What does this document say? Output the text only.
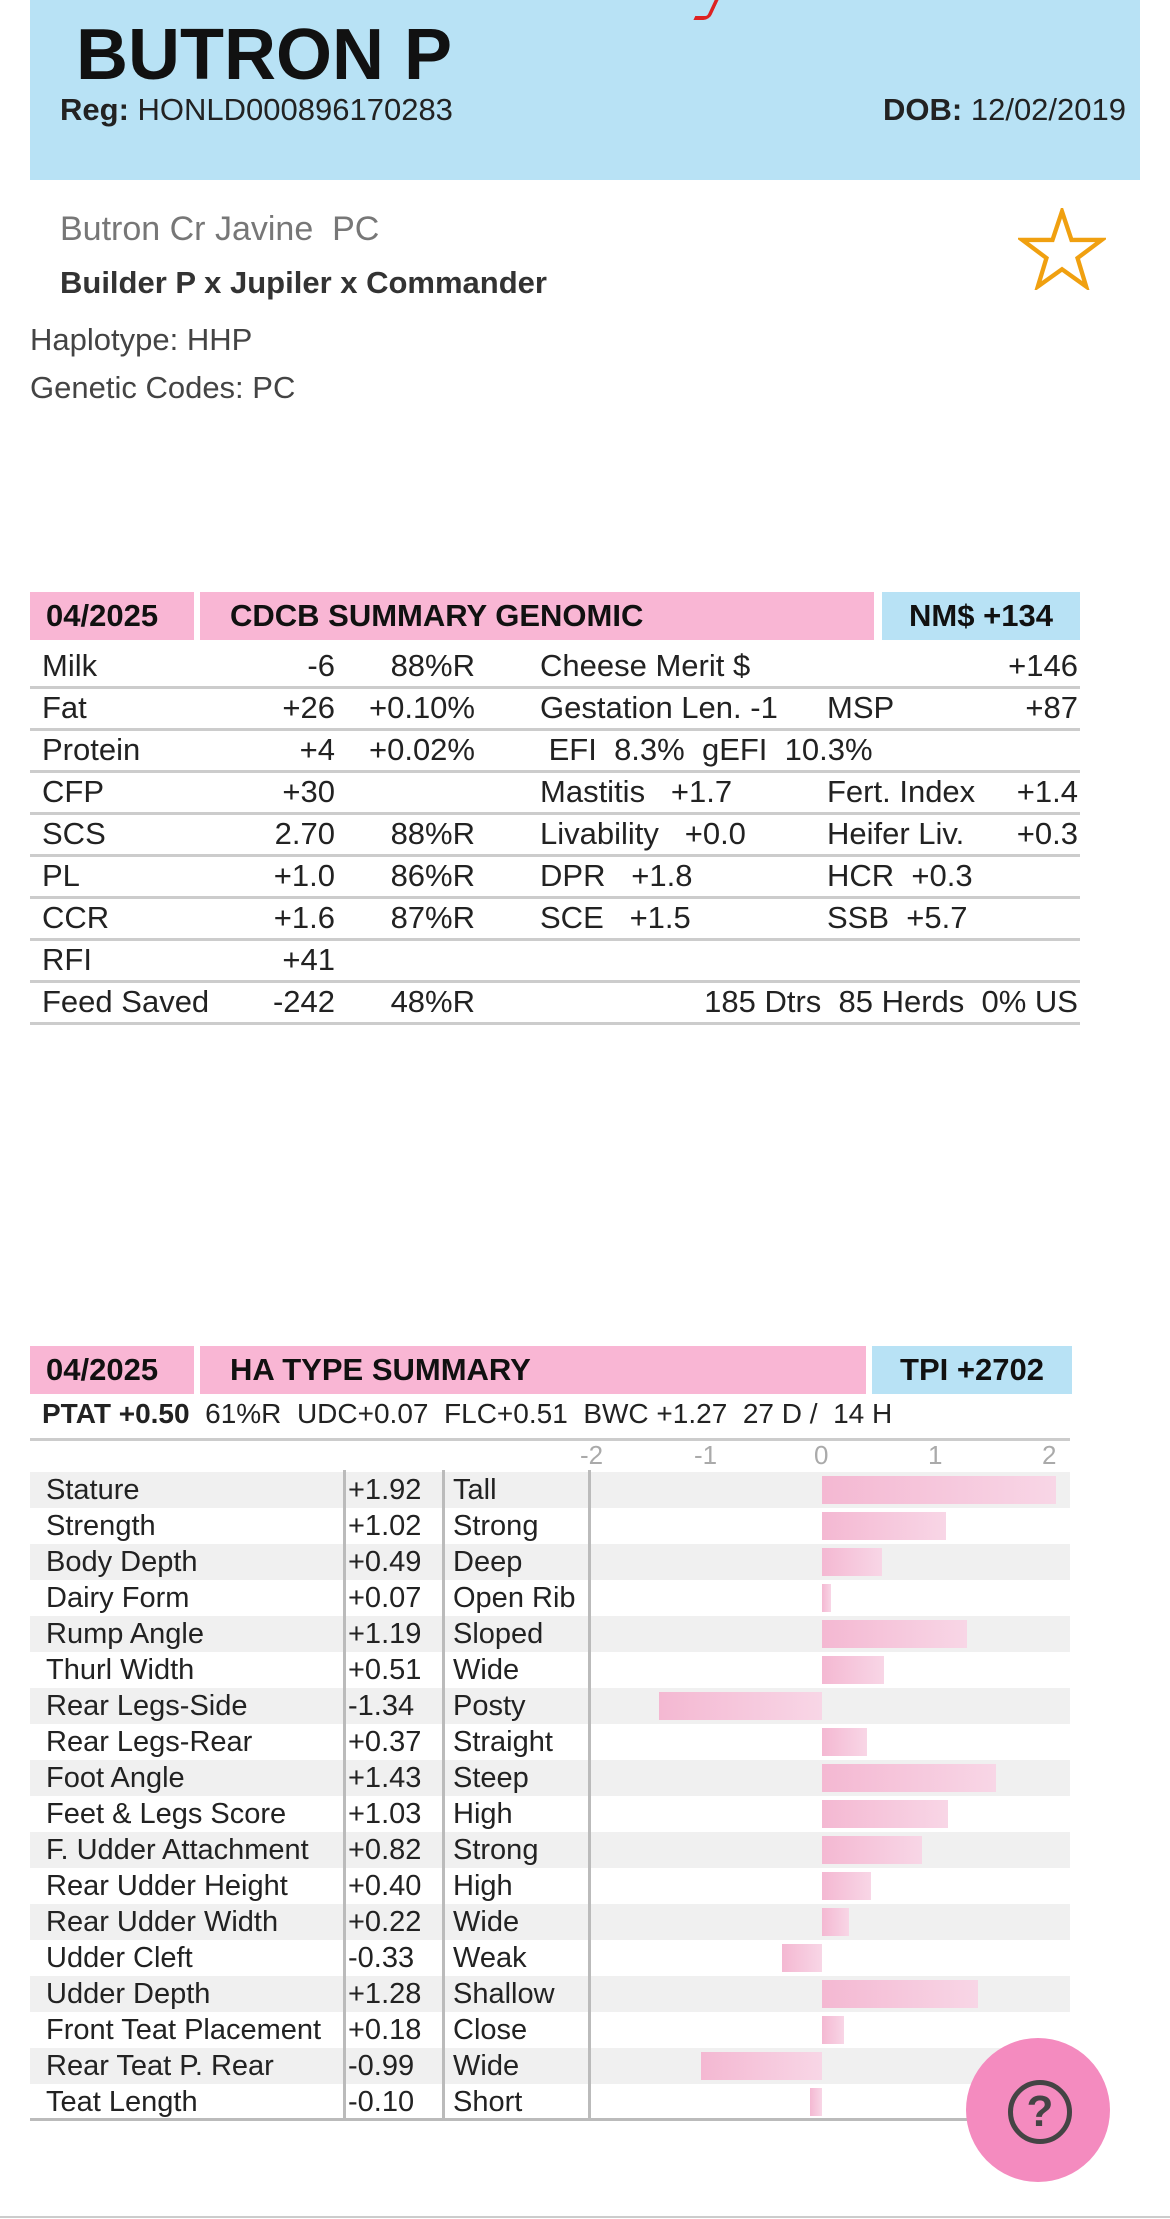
BUTRON P
Reg: HONLD000896170283	DOB: 12/02/2019
Butron Cr Javine  PC
Builder P x Jupiler x Commander
Haplotype: HHP
Genetic Codes: PC
04/2025	CDCB SUMMARY GENOMIC	NM$ +134
Milk	-6 88%R Cheese Merit $	+146
Fat	+26 +0.10% Gestation Len. -1 MSP	+87
Protein	+4 +0.02% EFI  8.3%  gEFI  10.3%
CFP	+30	Mastitis   +1.7	Fert. Index +1.4
SCS	2.70 88%R Livability   +0.0	Heifer Liv. +0.3
PL	+1.0 86%R DPR   +1.8	HCR  +0.3
CCR	+1.6 87%R SCE   +1.5	SSB  +5.7
RFI	+41
Feed Saved -242 48%R	185 Dtrs  85 Herds  0% US
04/2025	HA TYPE SUMMARY	TPI +2702
PTAT +0.50  61%R  UDC+0.07  FLC+0.51  BWC +1.27  27 D /  14 H
-2	-1	0	1	2
Stature	+1.92 Tall
Strength	+1.02 Strong
Body Depth	+0.49 Deep
Dairy Form	+0.07 Open Rib
Rump Angle	+1.19 Sloped
Thurl Width	+0.51 Wide
Rear Legs-Side	-1.34 Posty
Rear Legs-Rear	+0.37 Straight
Foot Angle	+1.43 Steep
Feet & Legs Score +1.03 High
F. Udder Attachment +0.82 Strong
Rear Udder Height +0.40 High
Rear Udder Width +0.22 Wide
Udder Cleft	-0.33 Weak
Udder Depth	+1.28 Shallow
Front Teat Placement +0.18 Close
Rear Teat P. Rear	-0.99 Wide
Teat Length	-0.10 Short	?
